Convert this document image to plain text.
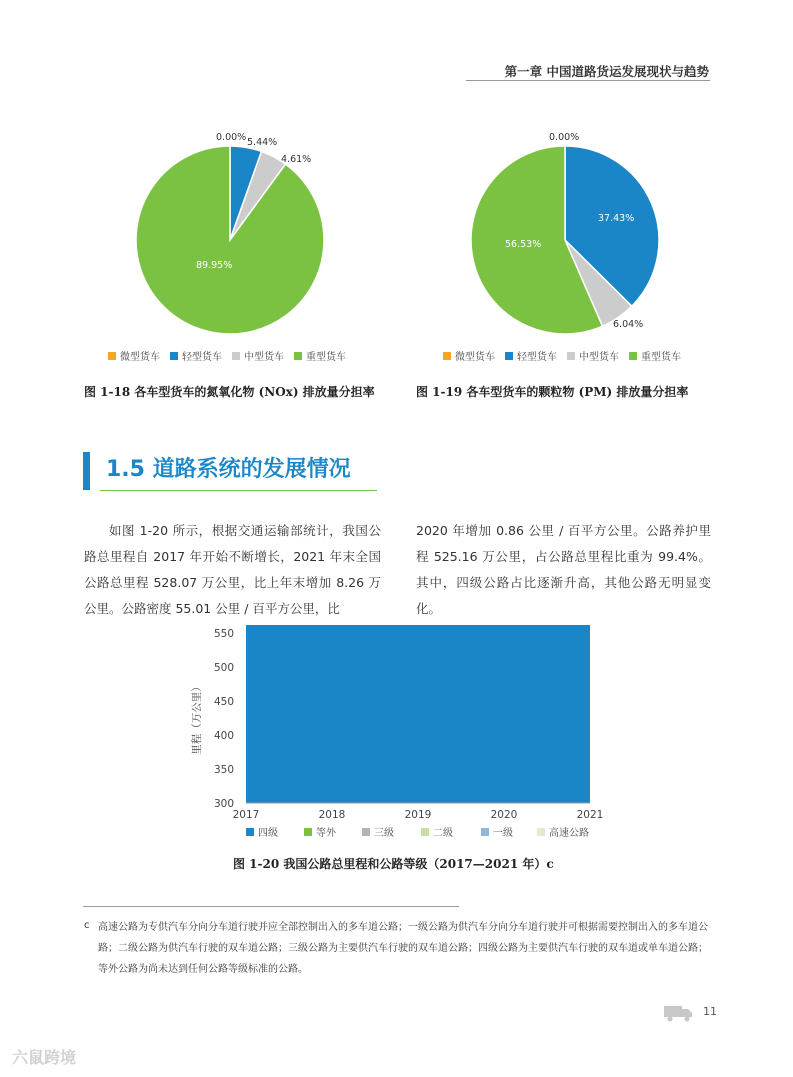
第一章 中国道路货运发展现状与趋势
0.00% 5.44%
4.61%
89.95%
微型货车 轻型货车 中型货车 重型货车
图 1-18 各车型货车的氮氧化物 (NOx) 排放量分担率
0.00%
37.43%
6.04%
56.53%
微型货车 轻型货车 中型货车 重型货车
图 1-19 各车型货车的颗粒物 (PM) 排放量分担率
1.5 道路系统的发展情况

如图 1-20 所示，根据交通运输部统计，我国公路总里程自 2017 年开始不断增长，2021 年末全国公路总里程 528.07 万公里，比上年末增加 8.26 万公里。公路密度 55.01 公里 / 百平方公里，比

2020 年增加 0.86 公里 / 百平方公里。公路养护里程 525.16 万公里，占公路总里程比重为 99.4%。其中，四级公路占比逐渐升高，其他公路无明显变化。

550
500
450
400
350
300
2017	2018	2019	2020	2021
里程（万公里）
四级	等外	三级	二级	一级	高速公路
图 1-20 我国公路总里程和公路等级（2017—2021 年）c
c 高速公路为专供汽车分向分车道行驶并应全部控制出入的多车道公路；一级公路为供汽车分向分车道行驶并可根据需要控制出入的多车道公路；二级公路为供汽车行驶的双车道公路；三级公路为主要供汽车行驶的双车道公路；四级公路为主要供汽车行驶的双车道或单车道公路；等外公路为尚未达到任何公路等级标准的公路。
11
六鼠跨境
